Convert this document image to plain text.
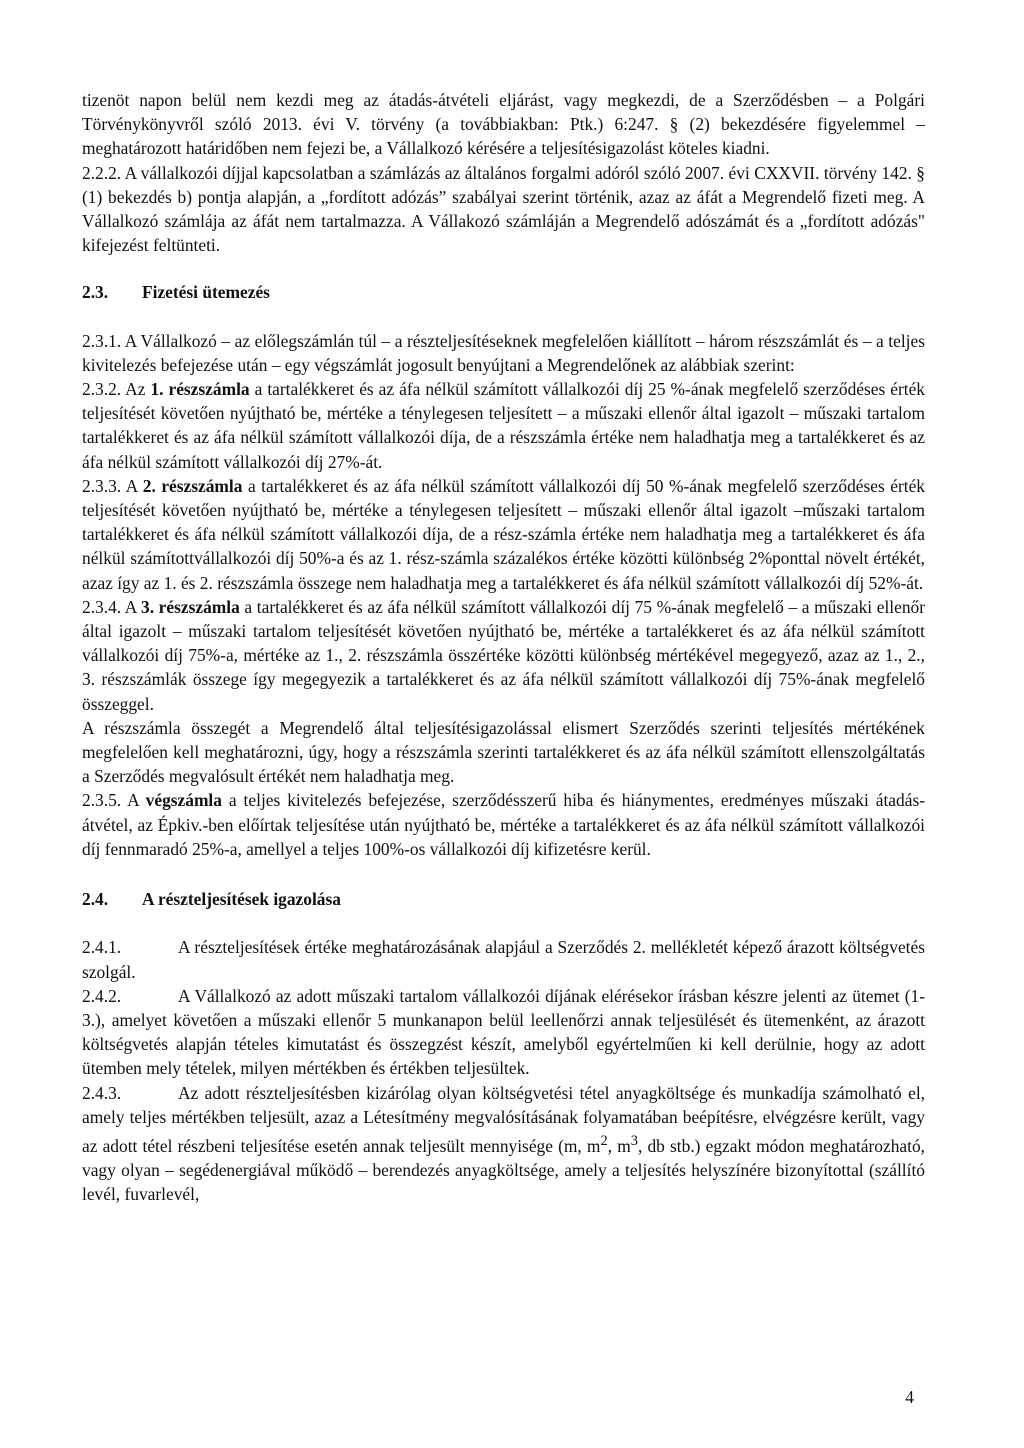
tizenöt napon belül nem kezdi meg az átadás-átvételi eljárást, vagy megkezdi, de a Szerződésben – a Polgári Törvénykönyvről szóló 2013. évi V. törvény (a továbbiakban: Ptk.) 6:247. § (2) bekezdésére figyelemmel – meghatározott határidőben nem fejezi be, a Vállalkozó kérésére a teljesítésigazolást köteles kiadni.

2.2.2. A vállalkozói díjjal kapcsolatban a számlázás az általános forgalmi adóról szóló 2007. évi CXXVII. törvény 142. § (1) bekezdés b) pontja alapján, a „fordított adózás” szabályai szerint történik, azaz az áfát a Megrendelő fizeti meg. A Vállalkozó számlája az áfát nem tartalmazza. A Vállakozó számláján a Megrendelő adószámát és a „fordított adózás" kifejezést feltünteti.

2.3. Fizetési ütemezés

2.3.1. A Vállalkozó – az előlegszámlán túl – a részteljesítéseknek megfelelően kiállított – három részszámlát és – a teljes kivitelezés befejezése után – egy végszámlát jogosult benyújtani a Megrendelőnek az alábbiak szerint:

2.3.2. Az 1. részszámla a tartalékkeret és az áfa nélkül számított vállalkozói díj 25 %-ának megfelelő szerződéses érték teljesítését követően nyújtható be, mértéke a ténylegesen teljesített – a műszaki ellenőr által igazolt – műszaki tartalom tartalékkeret és az áfa nélkül számított vállalkozói díja, de a részszámla értéke nem haladhatja meg a tartalékkeret és az áfa nélkül számított vállalkozói díj 27%-át.

2.3.3. A 2. részszámla a tartalékkeret és az áfa nélkül számított vállalkozói díj 50 %-ának megfelelő szerződéses érték teljesítését követően nyújtható be, mértéke a ténylegesen teljesített – műszaki ellenőr által igazolt –műszaki tartalom tartalékkeret és áfa nélkül számított vállalkozói díja, de a rész-számla értéke nem haladhatja meg a tartalékkeret és áfa nélkül számítottvállalkozói díj 50%-a és az 1. rész-számla százalékos értéke közötti különbség 2%ponttal növelt értékét, azaz így az 1. és 2. részszámla összege nem haladhatja meg a tartalékkeret és áfa nélkül számított vállalkozói díj 52%-át.

2.3.4. A 3. részszámla a tartalékkeret és az áfa nélkül számított vállalkozói díj 75 %-ának megfelelő – a műszaki ellenőr által igazolt – műszaki tartalom teljesítését követően nyújtható be, mértéke a tartalékkeret és az áfa nélkül számított vállalkozói díj 75%-a, mértéke az 1., 2. részszámla összértéke közötti különbség mértékével megegyező, azaz az 1., 2., 3. részszámlák összege így megegyezik a tartalékkeret és az áfa nélkül számított vállalkozói díj 75%-ának megfelelő összeggel.

A részszámla összegét a Megrendelő által teljesítésigazolással elismert Szerződés szerinti teljesítés mértékének megfelelően kell meghatározni, úgy, hogy a részszámla szerinti tartalékkeret és az áfa nélkül számított ellenszolgáltatás a Szerződés megvalósult értékét nem haladhatja meg.

2.3.5. A végszámla a teljes kivitelezés befejezése, szerződésszerű hiba és hiánymentes, eredményes műszaki átadás-átvétel, az Épkiv.-ben előírtak teljesítése után nyújtható be, mértéke a tartalékkeret és az áfa nélkül számított vállalkozói díj fennmaradó 25%-a, amellyel a teljes 100%-os vállalkozói díj kifizetésre kerül.

2.4. A részteljesítések igazolása

2.4.1.	A részteljesítések értéke meghatározásának alapjául a Szerződés 2. mellékletét képező árazott költségvetés szolgál.

2.4.2.	A Vállalkozó az adott műszaki tartalom vállalkozói díjának elérésekor írásban készre jelenti az ütemet (1-3.), amelyet követően a műszaki ellenőr 5 munkanapon belül leellenőrzi annak teljesülését és ütemenként, az árazott költségvetés alapján tételes kimutatást és összegzést készít, amelyből egyértelműen ki kell derülnie, hogy az adott ütemben mely tételek, milyen mértékben és értékben teljesültek.

2.4.3.	Az adott részteljesítésben kizárólag olyan költségvetési tétel anyagköltsége és munkadíja számolható el, amely teljes mértékben teljesült, azaz a Létesítmény megvalósításának folyamatában beépítésre, elvégzésre került, vagy az adott tétel részbeni teljesítése esetén annak teljesült mennyisége (m, $m^2$, $m^3$, db stb.) egzakt módon meghatározható, vagy olyan – segédenergiával működő – berendezés anyagköltsége, amely a teljesítés helyszínére bizonyítottal (szállító levél, fuvarlevél,

4
